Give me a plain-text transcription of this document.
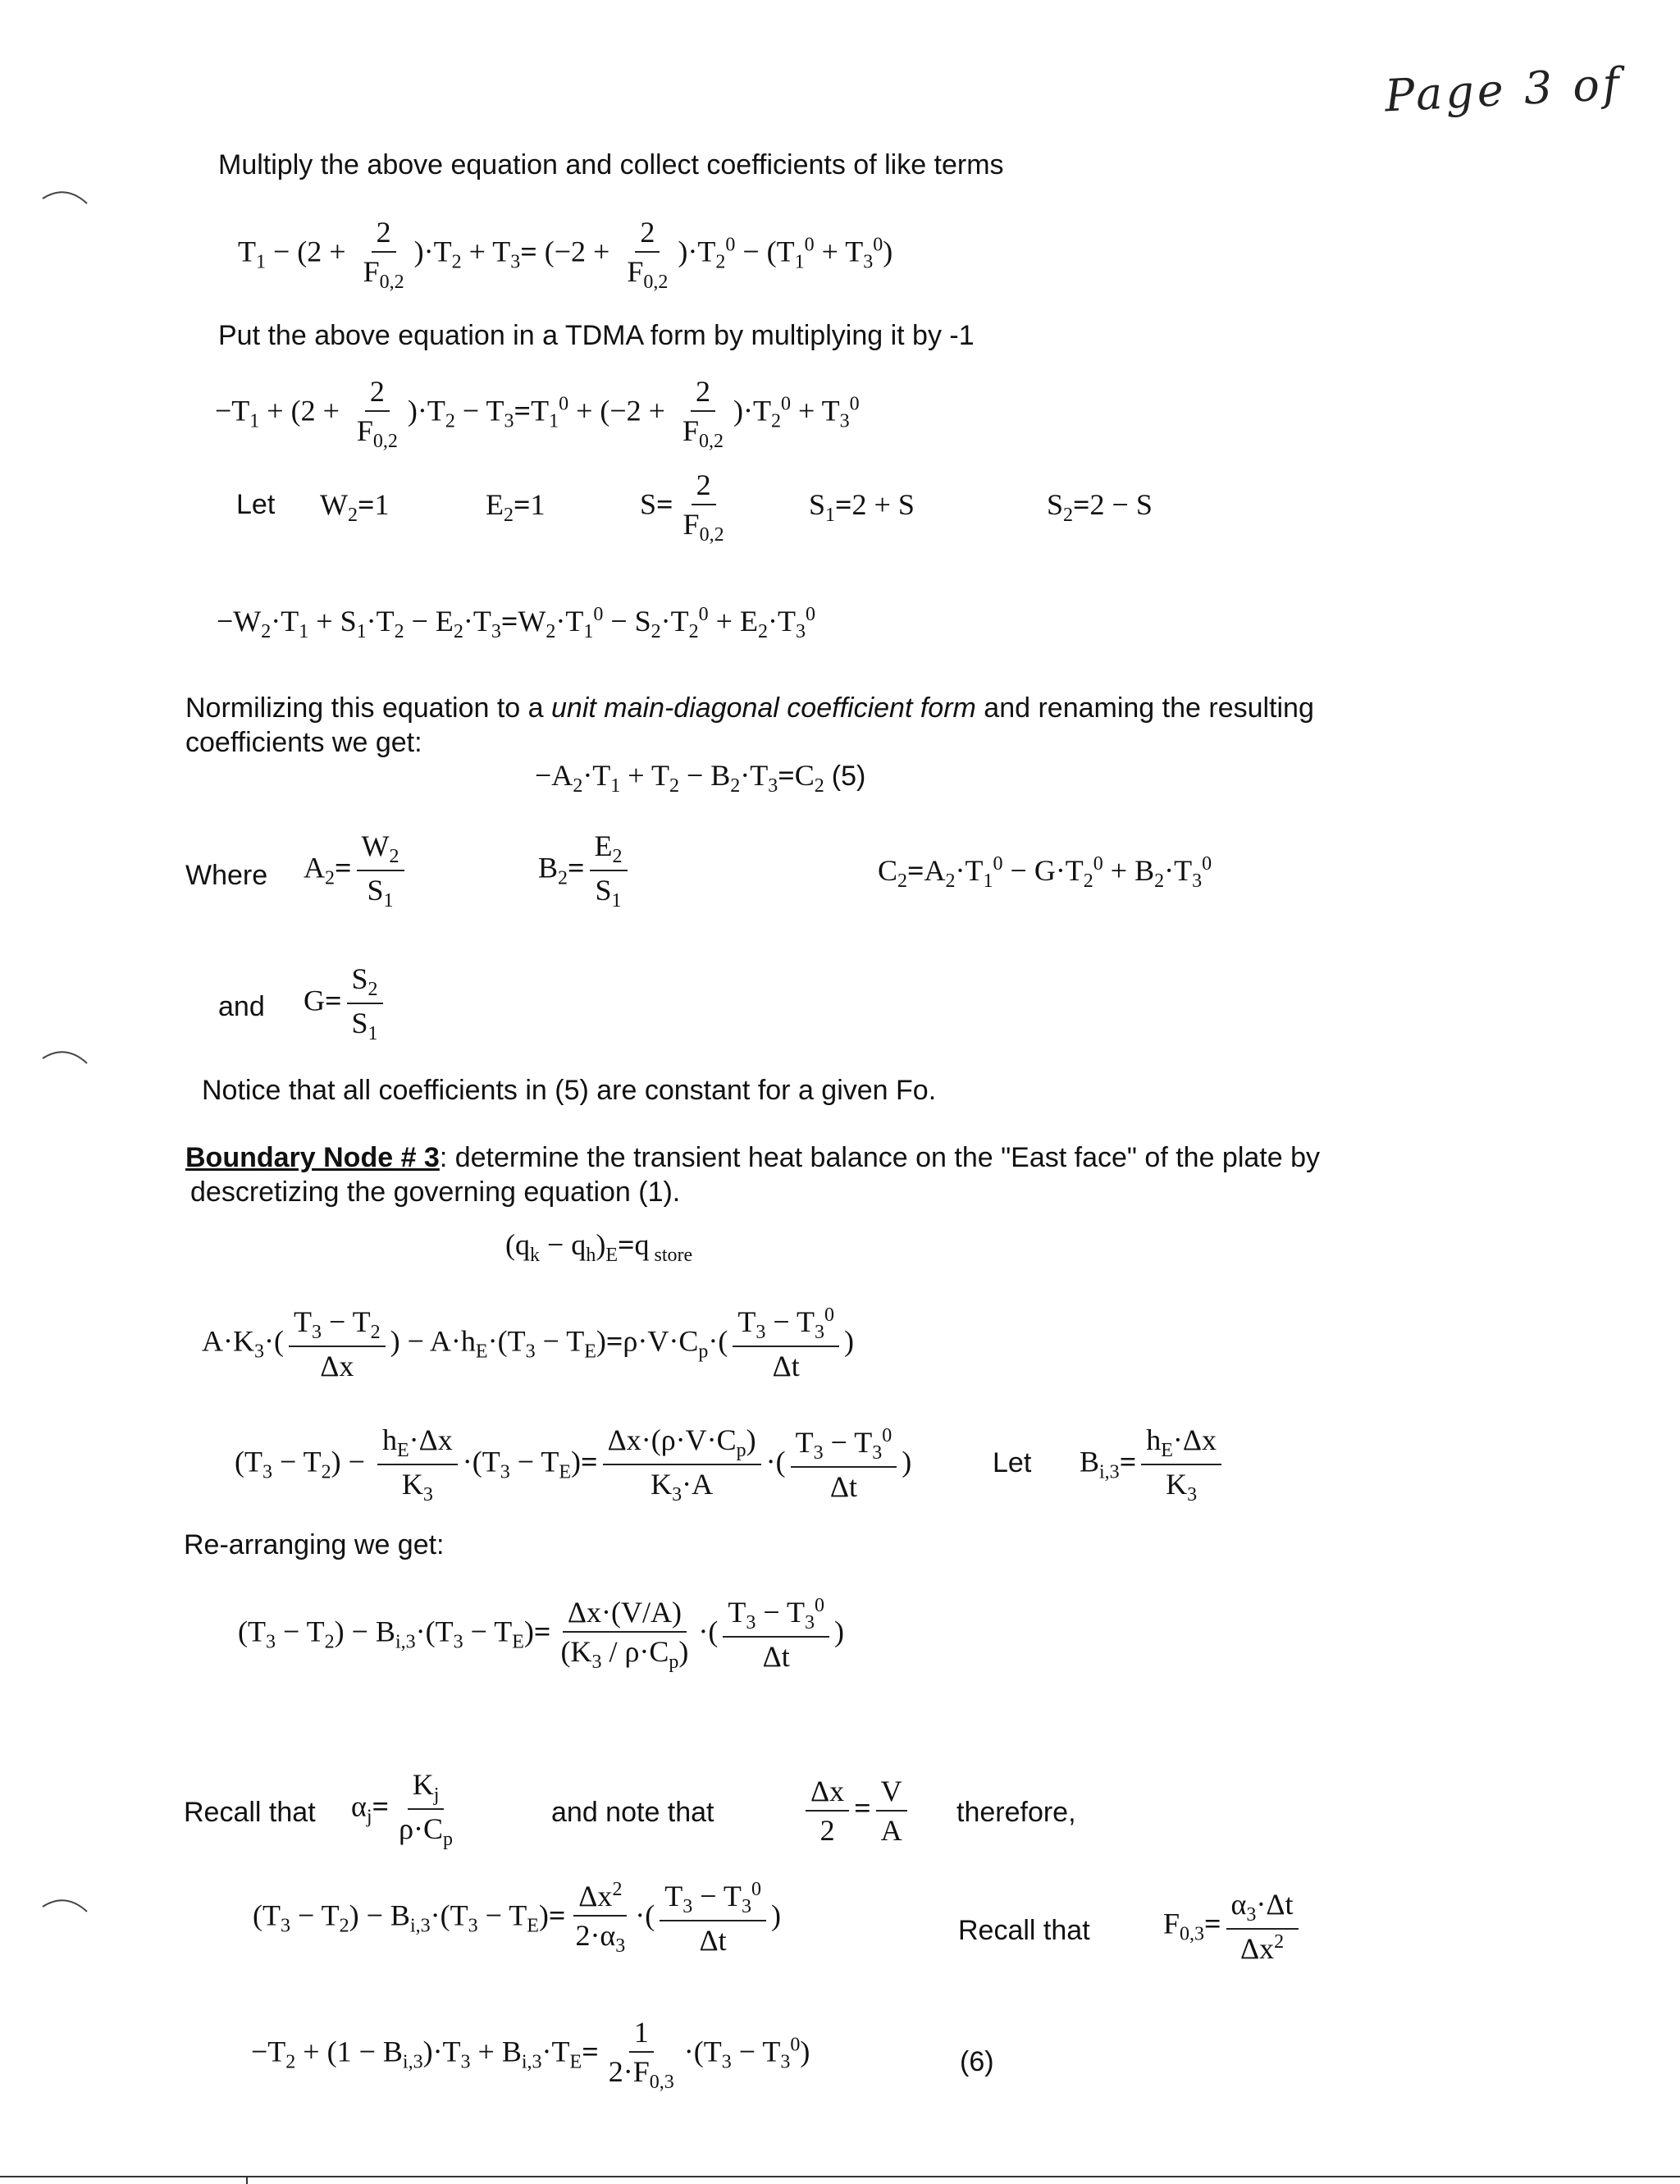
Page 3 of
Multiply the above equation and collect coefficients of like terms
$T_1 - (2 + \frac{2}{F_{0,2}} )\cdot T_2 + T_3= (-2 + \frac{2}{F_{0,2}} )\cdot T_2^0 - (T_1^0 + T_3^0)$
Put the above equation in a TDMA form by multiplying it by -1
$-T_1 + (2 + \frac{2}{F_{0,2}} )\cdot T_2 - T_3=T_1^0 + (-2 + \frac{2}{F_{0,2}} )\cdot T_2^0 + T_3^0$
Let $W_2=1$	$E_2=1$	$S= \frac{2}{F_{0,2}}$	$S_1=2 + S$	$S_2=2 - S$
$-W_2\cdot T_1 + S_1\cdot T_2 - E_2\cdot T_3=W_2\cdot T_1^0 - S_2\cdot T_2^0 + E_2\cdot T_3^0$
Normilizing this equation to a unit main-diagonal coefficient form and renaming the resulting
coefficients we get:
$-A_2\cdot T_1 + T_2 - B_2\cdot T_3=C_2$ (5)
Where $A_2= \frac{W_2}{S_1}$	$B_2= \frac{E_2}{S_1}$	$C_2=A_2\cdot T_1^0 - G\cdot T_2^0 + B_2\cdot T_3^0$
and $G= \frac{S_2}{S_1}$
Notice that all coefficients in (5) are constant for a given Fo.
Boundary Node # 3: determine the transient heat balance on the "East face" of the plate by
descretizing the governing equation (1).
$(q_k - q_h)_E=q$ $_{store}$
$A\cdot K_3\cdot( \frac{T_3 - T_2}{\Delta x}$ ) − $A\cdot h_E\cdot(T_3 - T_E)=\rho\cdot V\cdot C_p\cdot( \frac{T_3 - T_3^0}{\Delta t}$ )
$(T_3 - T_2) - \frac{h_E\cdot\Delta x}{K_3} \cdot(T_3 - T_E)= \frac{\Delta x\cdot(\rho\cdot V\cdot C_p)}{K_3\cdot A}$ ·( $\frac{T_3 - T_3^0}{\Delta t}$ )	Let $B_{i,3}= \frac{h_E\cdot\Delta x}{K_3}$
Re-arranging we get:
$(T_3 - T_2) - B_{i,3}\cdot(T_3 - T_E)= \frac{\Delta x\cdot(V/A)}{(K_3 / \rho\cdot C_p)}$ ·( $\frac{T_3 - T_3^0}{\Delta t}$ )
Recall that $\alpha_j= \frac{K_j}{\rho\cdot C_p}$	and note that	$\frac{\Delta x}{2} = \frac{V}{A}$ therefore,
$(T_3 - T_2) - B_{i,3}\cdot(T_3 - T_E)= \frac{\Delta x^2}{2\cdot\alpha_3}$ ·( $\frac{T_3 - T_3^0}{\Delta t}$ )	Recall that $F_{0,3}= \frac{\alpha_3\cdot\Delta t}{\Delta x^2}$
$-T_2 + (1 - B_{i,3})\cdot T_3 + B_{i,3}\cdot T_E= \frac{1}{2\cdot F_{0,3}} \cdot(T_3 - T_3^0)$	(6)
